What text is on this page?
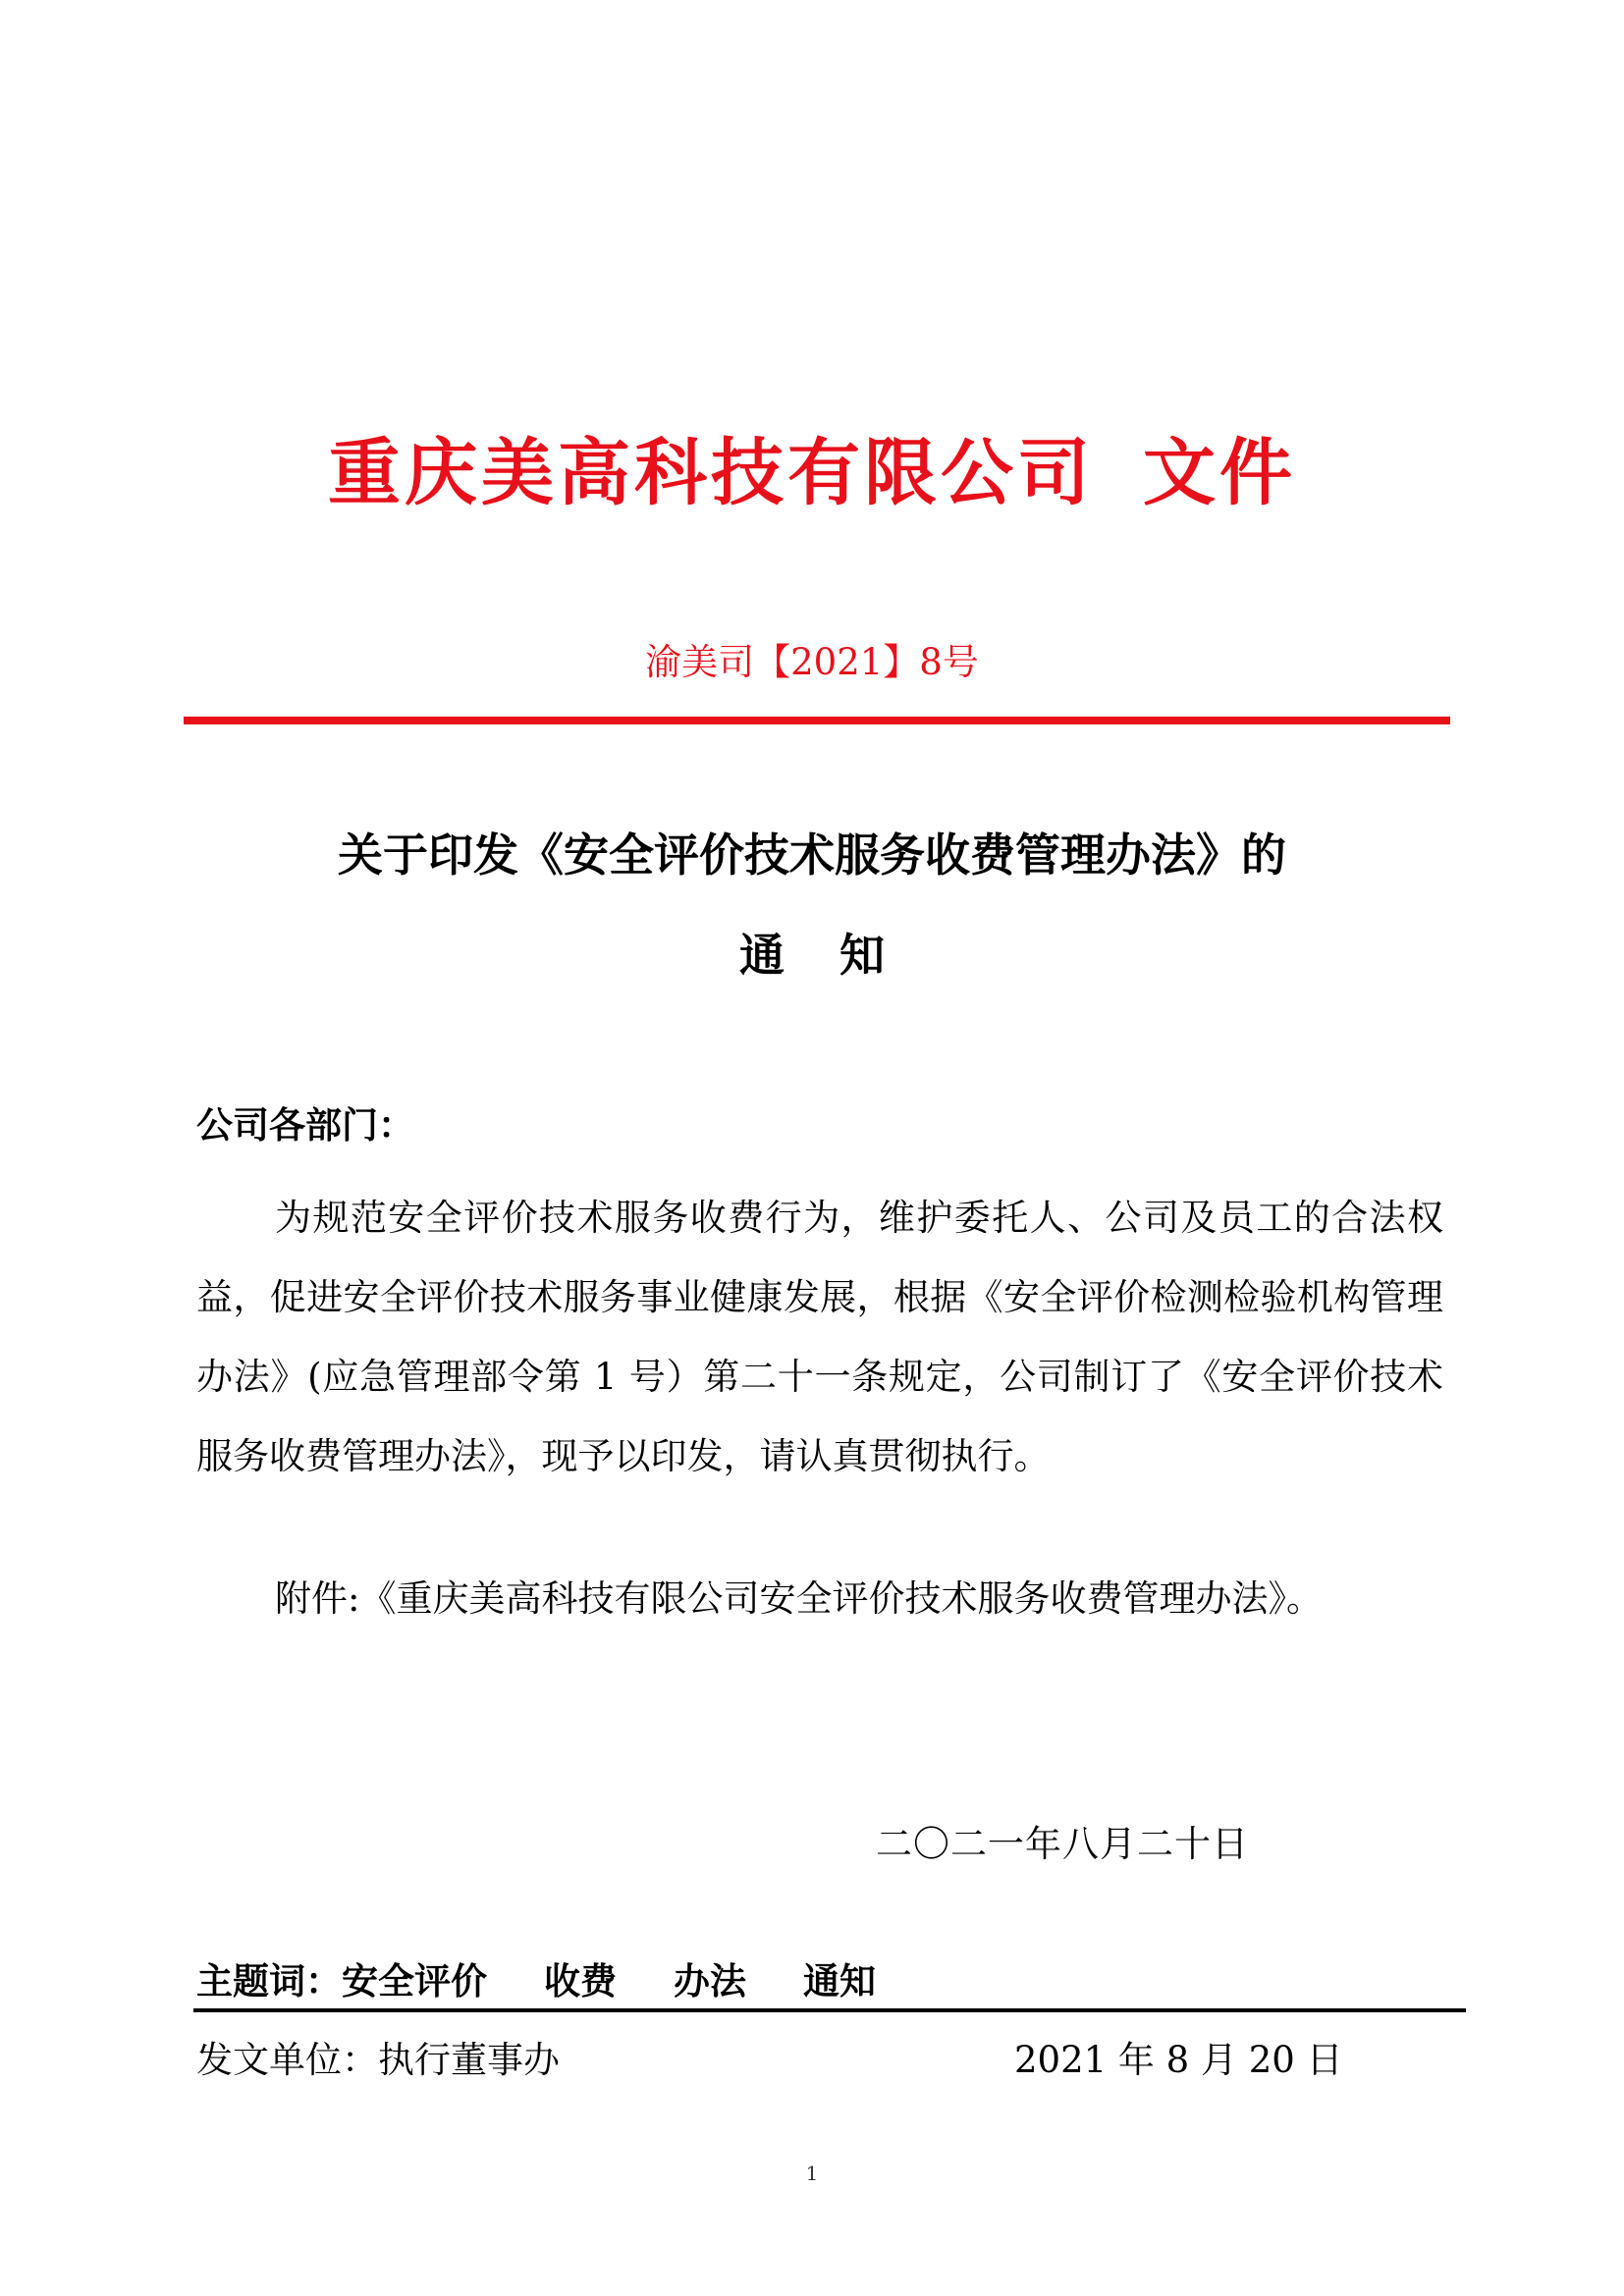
重庆美高科技有限公司 文件
渝美司【2021】8号
关于印发《安全评价技术服务收费管理办法》的
通知
公司各部门：
为规范安全评价技术服务收费行为，维护委托人、公司及员工的合法权益，促进安全评价技术服务事业健康发展，根据《安全评价检测检验机构管理办法》(应急管理部令第 1 号）第二十一条规定，公司制订了《安全评价技术服务收费管理办法》，现予以印发，请认真贯彻执行。
附件:《重庆美高科技有限公司安全评价技术服务收费管理办法》。
二〇二一年八月二十日
主题词：安全评价 收费 办法 通知
发文单位：执行董事办	2021 年 8 月 20 日
1
